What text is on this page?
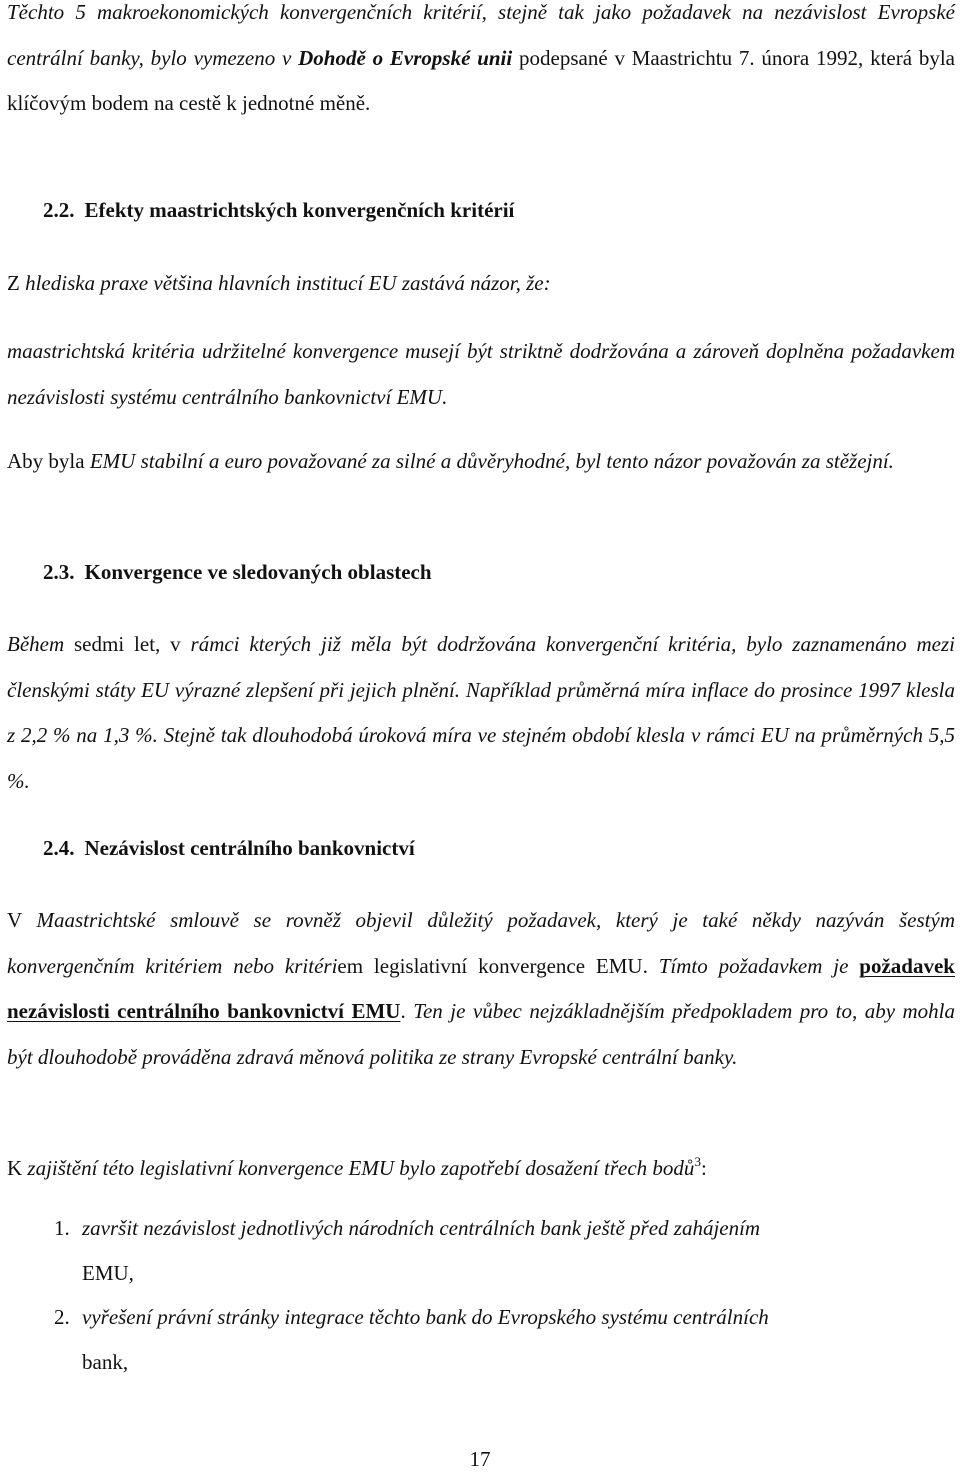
Těchto 5 makroekonomických konvergenčních kritérií, stejně tak jako požadavek na nezávislost Evropské centrální banky, bylo vymezeno v Dohodě o Evropské unii podepsané v Maastrichtu 7. února 1992, která byla klíčovým bodem na cestě k jednotné měně.

2.2. Efekty maastrichtských konvergenčních kritérií

Z hlediska praxe většina hlavních institucí EU zastává názor, že:

maastrichtská kritéria udržitelné konvergence musejí být striktně dodržována a zároveň doplněna požadavkem nezávislosti systému centrálního bankovnictví EMU.

Aby byla EMU stabilní a euro považované za silné a důvěryhodné, byl tento názor považován za stěžejní.

2.3. Konvergence ve sledovaných oblastech

Během sedmi let, v rámci kterých již měla být dodržována konvergenční kritéria, bylo zaznamenáno mezi členskými státy EU výrazné zlepšení při jejich plnění. Například průměrná míra inflace do prosince 1997 klesla z 2,2 % na 1,3 %. Stejně tak dlouhodobá úroková míra ve stejném období klesla v rámci EU na průměrných 5,5 %.

2.4. Nezávislost centrálního bankovnictví

V Maastrichtské smlouvě se rovněž objevil důležitý požadavek, který je také někdy nazýván šestým konvergenčním kritériem nebo kritériem legislativní konvergence EMU. Tímto požadavkem je požadavek nezávislosti centrálního bankovnictví EMU. Ten je vůbec nejzákladnějším předpokladem pro to, aby mohla být dlouhodobě prováděna zdravá měnová politika ze strany Evropské centrální banky.

K zajištění této legislativní konvergence EMU bylo zapotřebí dosažení třech bodů$^3$:

1. završit nezávislost jednotlivých národních centrálních bank ještě před zahájením
EMU,
2. vyřešení právní stránky integrace těchto bank do Evropského systému centrálních
bank,

17
